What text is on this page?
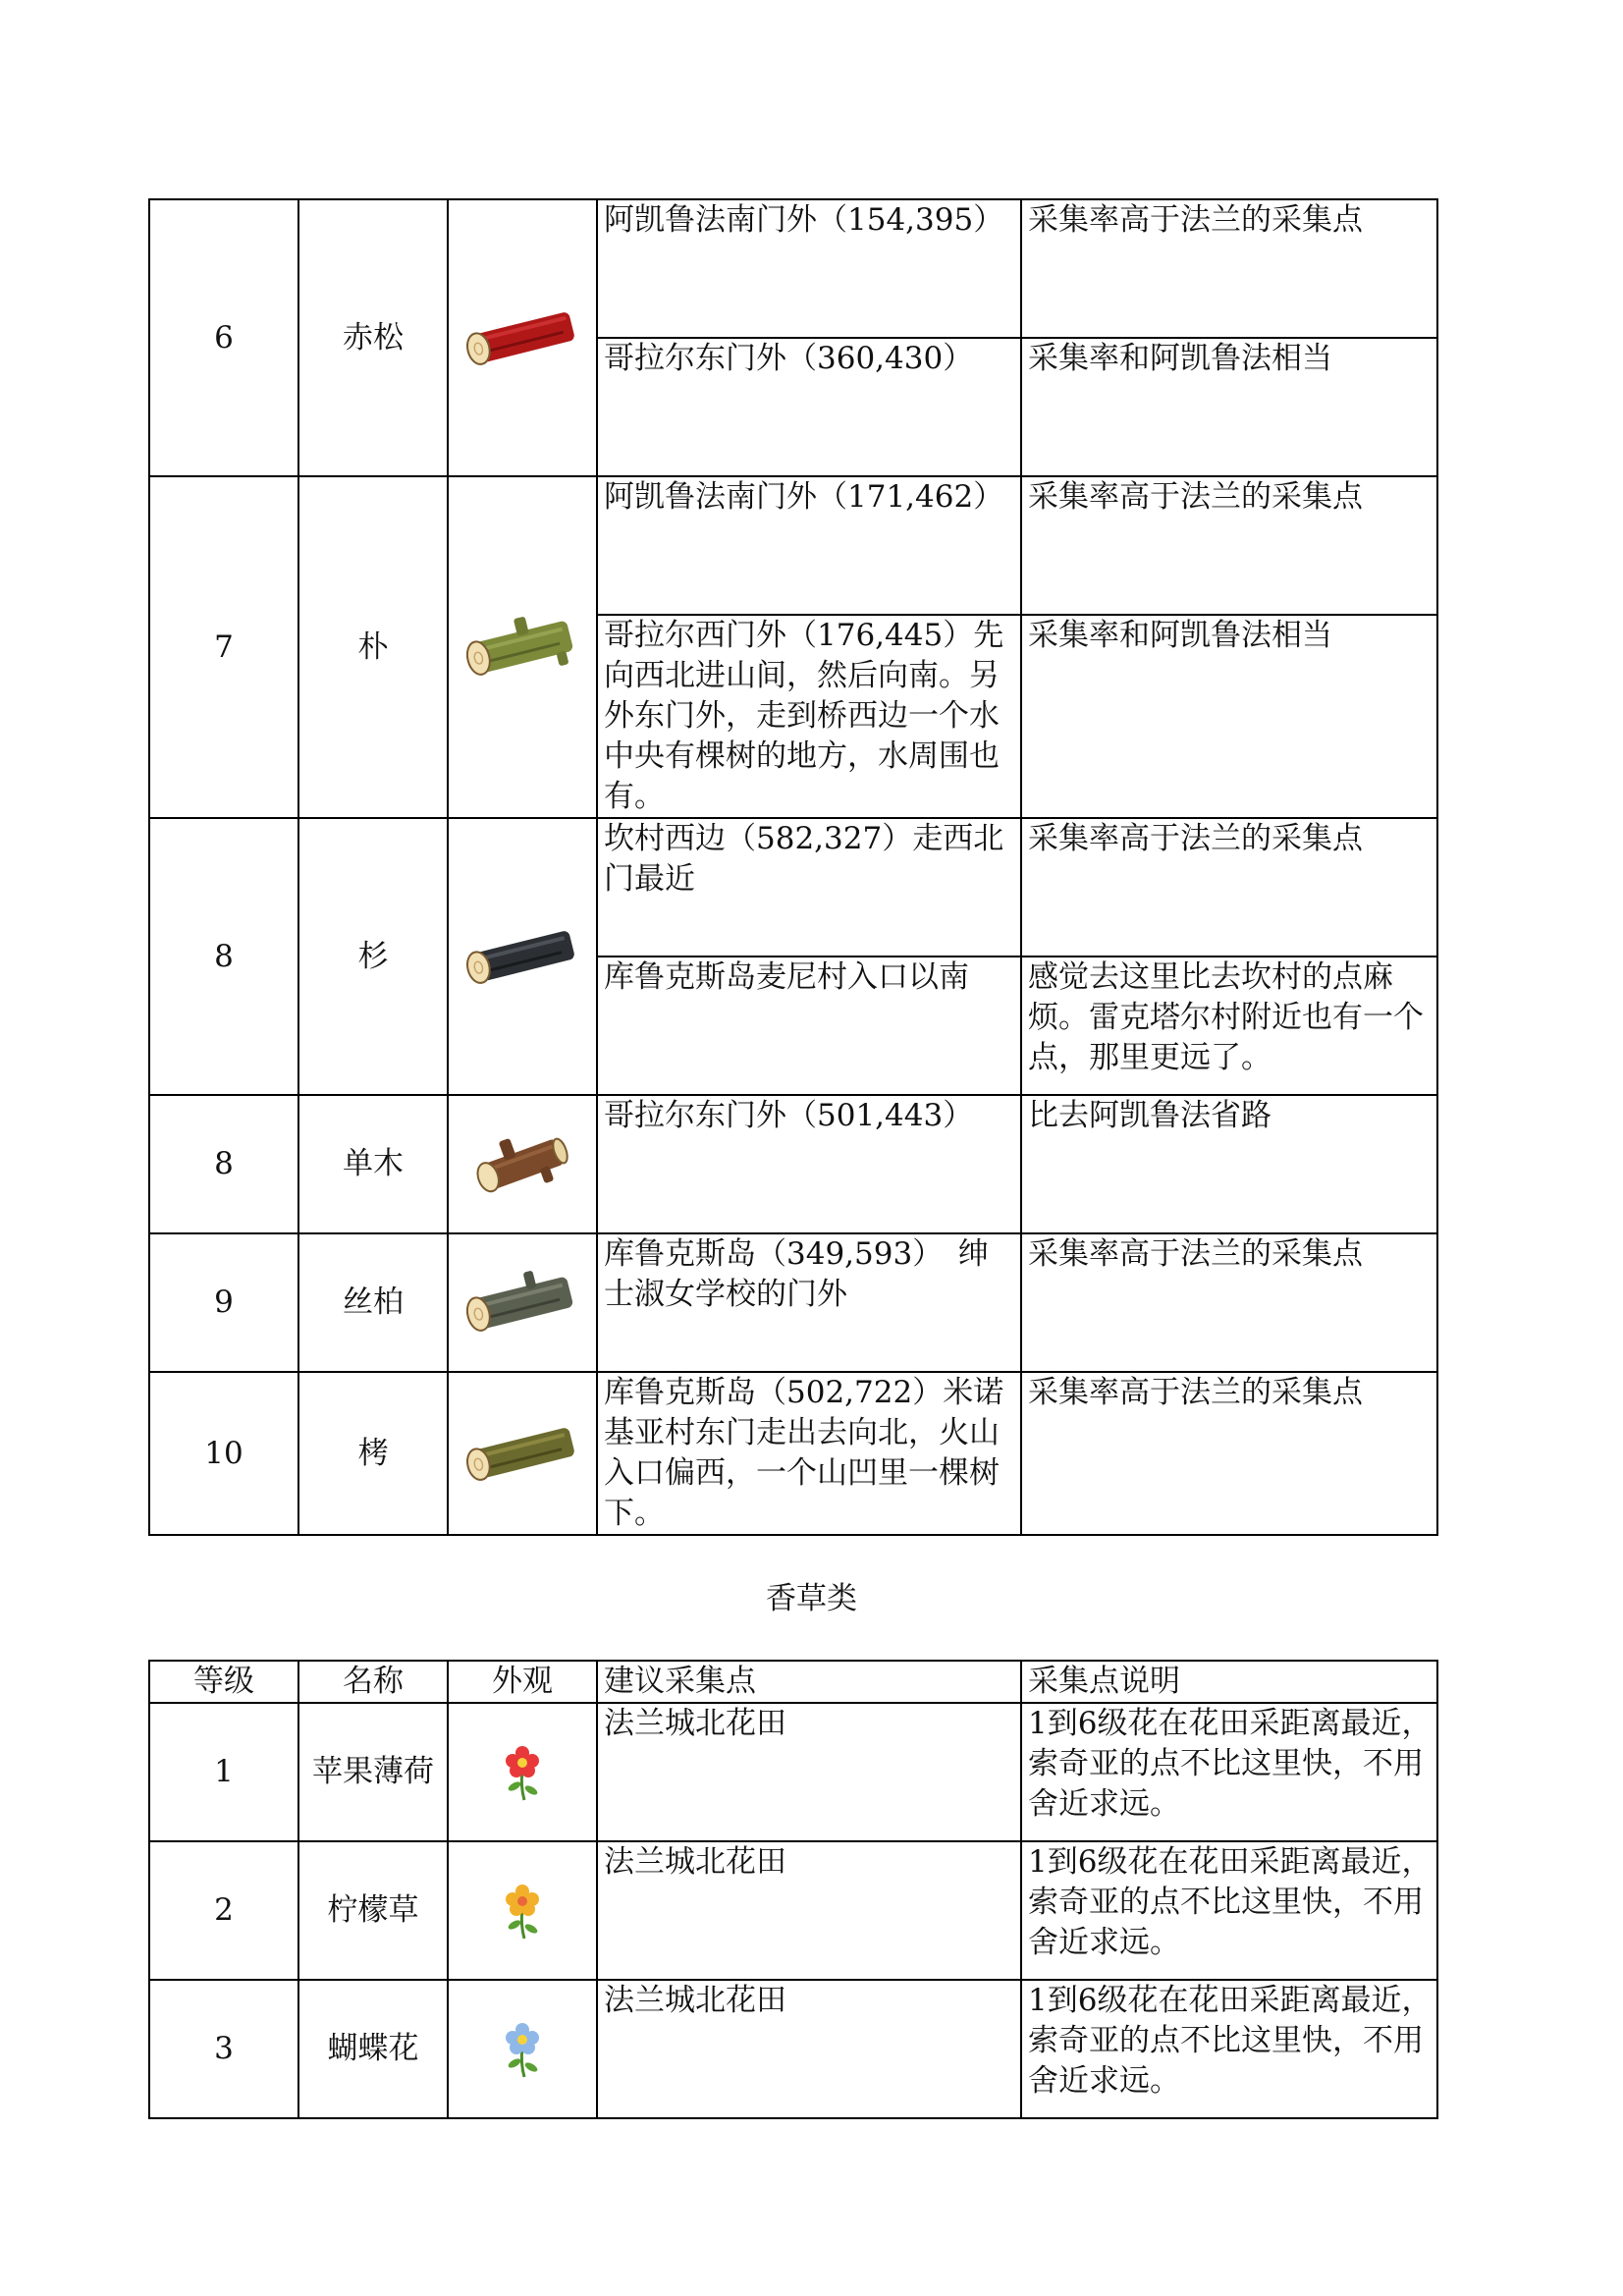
6	赤松		阿凯鲁法南门外（154,395）	采集率高于法兰的采集点
			哥拉尔东门外（360,430）	采集率和阿凯鲁法相当
7	朴		阿凯鲁法南门外（171,462）	采集率高于法兰的采集点
			哥拉尔西门外（176,445）先向西北进山间，然后向南。另外东门外，走到桥西边一个水中央有棵树的地方，水周围也有。	采集率和阿凯鲁法相当
8	杉		坎村西边（582,327）走西北门最近	采集率高于法兰的采集点
			库鲁克斯岛麦尼村入口以南	感觉去这里比去坎村的点麻烦。雷克塔尔村附近也有一个点，那里更远了。
8	单木		哥拉尔东门外（501,443）	比去阿凯鲁法省路
9	丝柏		库鲁克斯岛（349,593）　绅士淑女学校的门外	采集率高于法兰的采集点
10	栲		库鲁克斯岛（502,722）米诺基亚村东门走出去向北，火山入口偏西，一个山凹里一棵树下。	采集率高于法兰的采集点
香草类
等级	名称	外观	建议采集点	采集点说明
1	苹果薄荷		法兰城北花田	1到6级花在花田采距离最近，索奇亚的点不比这里快，不用舍近求远。
2	柠檬草		法兰城北花田	1到6级花在花田采距离最近，索奇亚的点不比这里快，不用舍近求远。
3	蝴蝶花		法兰城北花田	1到6级花在花田采距离最近，索奇亚的点不比这里快，不用舍近求远。
